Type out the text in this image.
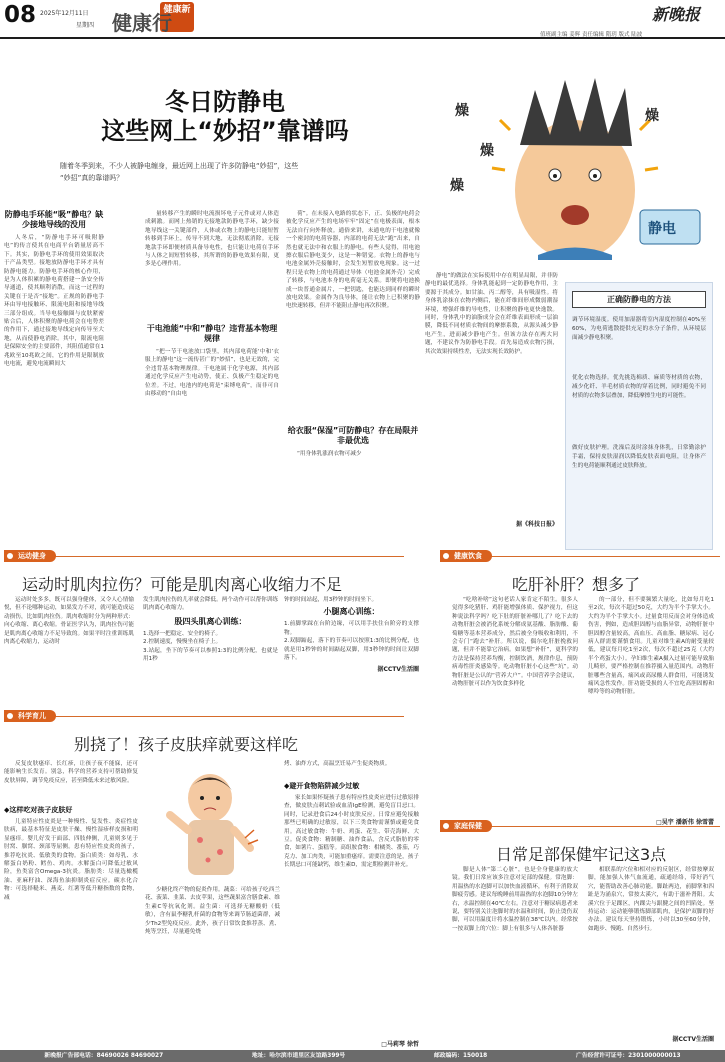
08 2025年12月11日
星期四
健康新
健康行	新晚报
值班副主编 姜辉 责任编辑 隋玥 版式 陆波
冬日防静电
这些网上“妙招”靠谱吗
随着冬季到来，不少人被静电缠身，最近网上出现了许多防静电“妙招”，这些
“妙招”真的靠谱吗？
燥
燥
燥
燥
静电
防静电手环能“吸”静电？缺少接地导线的没用

人冬后，“防静电手环可吸附静电”的传言使其在电商平台销量居高不下。其实，防静电手环的使用效果取决于产品类型。接地放防静电手环才具有防静电能力。防静电手环的核心作用，是为人体积累的静电荷搭建一条安全传导通道，使其顺利消散，而这一过程的关键在于是否“接地”。正规的防静电手环由导电接触环、限流电阻和接地导线三部分组成。当导电接触圈与皮肤紧密贴合后，人体积聚的静电荷会在电势差的作用下，通过接地导线定向传导至大地，从而使静电消除。其中，限流电阻是保障安全的主要部件，其阻值通常在1兆欧至10兆欧之间，它的作用是限制放电电流，避免电流瞬间大

量转移产生的瞬时电流损坏电子元件或对人体造成刺激。而网上热销的无接地款防静电手环，缺少接地导线这一关键部件，人体或衣物上的静电只能短暂转移到手环上，传导不到大地，无法彻底消除。无接地款手环即便材质具备导电性，也只能让电荷在手环与人体之间短暂转移，其所谓的防静电效果有限，更多是心理作用。

干电池能“中和”静电？违背基本物理规律

“把一节干电池放口袋里，其内部电荷能‘中和’衣服上的静电”这一流传甚广的“妙招”，也是无效的，完全违背基本物理规律。干电池属于化学电源，其内部通过化学反应产生电动势，使正、负极产生稳定的电位差。不过，电池内的电荷是“束缚电荷”，而非可自由移动的“自由电

荷”。在未接入电路的状态下，正、负极的电荷会被化学反应产生的电场牢牢“固定”在电极表面，根本无法自行向外释放。通俗来讲，未通电的干电池就像一个密封的电荷容器，内部的电荷无法“跑”出来，自然也就无法中和衣服上的静电。有些人觉得，用电池擦衣服后静电变少，这是一种错觉。衣物上的静电与电池金属外壳接触时，会发生短暂放电现象。这一过程只是衣物上的电荷通过导体（电池金属外壳）完成了转移，与电池本身的电荷毫无关系。即便将电池换成一块普通金属片，一把钥匙，也能达到同样的瞬时放电效果。金属作为良导体，能让衣物上已积聚的静电快速转移，但并不能阻止静电再次积聚。

给衣服“保湿”可防静电？存在局限并非最优选

“用身体乳涨润衣物可减少

静电”的做法在实际使用中存在明显局限，并非防静电的最优选择。身体乳能起到一定防静电作用，主要源于其成分。如甘油、丙二醇等，具有吸湿性。将身体乳涂抹在衣物内侧后，能在纤维间形成微弱潮湿环境，增强纤维的导电性，让积聚的静电更快逸散。同时，身体乳中的油脂成分会在纤维表面形成一层油膜，降低不同材质衣物间的摩擦系数，从源头减少静电产生，进而减少静电产生。但该方法存在两大问题，不建议作为防静电手段。首先易造成衣物污损，其次效果持续性差，无法实现长效防护。

据《科技日报》
正确防静电的方法
调节环境湿度。使用加湿器将室内湿度控制在40%至60%，为电荷逃散提供充足的水分子条件，从环境层面减少静电积聚。
优化衣物选择。优先挑选棉质、麻质等材质的衣物，减少化纤、羊毛材质衣物的穿着比例，同时避免不同材质的衣物多层叠加，降低摩擦生电的可能性。
做好皮肤护理。洗澡后及时涂抹身体乳，日常勤涂护手霜，保持皮肤湿润以降低皮肤表面电阻，让身体产生的电荷能顺利通过皮肤释放。
运动健身
运动时肌肉拉伤？可能是肌肉离心收缩力不足

运动时处多多，既可以强身健体，又令人心情愉悦，但不论哪种运动，如果发力不对，就可能造成运动损伤，比如肌肉拉伤。肌肉收缩时分为两种形式：向心收缩、离心收缩。骨证医学认为，肌肉拉伤可能是肌肉离心收缩力不足导致的。如果平时注重训练肌肉离心收缩力，运动时

发生肌肉拉伤的儿率就会降低。两个动作可以帮你训练肌肉离心收缩力。
股四头肌离心训练：
1.选择一把稳定、安全的椅子。
2.控制速度，慢慢坐在椅子上。
3.站起，坐下的节奏可以参照1:3的比例分配，也就是用1秒
钟的时间站起，用3秒钟的时间坐下。
小腿离心训练：
1.前脚掌踩在台阶边缘，可以用手扶住台阶旁的支撑物。
2.双脚踮起，落下的节奏可以按照1:3的比例分配，也就是用1秒钟的时间踮起双脚，用3秒钟的时间让双脚落下。
据CCTV生活圈
健康饮食
吃肝补肝？想多了

“吃啥补啥”这句老话人家肯定不陌生。很多人觉得多吃猪肝、鸡肝能增强体质、保护视力，但这种说法科学吗？吃下肚的肝脏补哪儿了？吃下去的动物肝脏会被消化系统分解成氨基酸、脂肪酸、葡萄糖等基本营养成分，然后被全身吸收和利用，不会专门“跑去”补肝。所以说，偶尔吃肝脏挽救问题，但并不能靠它治病。如果想“补肝”，更科学的方法是保持营养均衡，控制饮酒，规律作息，预防病毒性肝炎感染等。吃动物肝脏小心这些“坑”。动物肝脏是公认的“营养大户”。中国营养学会建议，动物肝脏可以作为饮食多样化

的一部分，但不要频繁大量吃，比如每月吃1至2次，每次不超过50克，大约为半个手掌大小。大约为半个手掌大小。过量食用反而会对身体造成伤害，例如，造成胆固醇与血脂异常，动物肝脏中胆固醇含量较高，高血压、高血脂、糖尿病、冠心病人群需要谨慎食用。儿童对维生素A的耐受量较低，建议每月吃1至2次，每次不超过25克（大约半个鸡蛋大小）。孕妇维生素A摄入过量可能导致胎儿畸形，要严格控制在推荐摄入量范围内。动物肝脏哪些含量高，痛风或高尿酸人群食用，可能诱发痛风急性发作。肝功能受损的人不宜吃高胆固醇和嘌呤等的动物肝脏。

□吴宇 潘新伟 徐雪蕾
科学育儿
别挠了！孩子皮肤痒就要这样吃

反复皮肤瘙痒、长红疹，让孩子夜不能寐，还可能影响生长发育。别急，科学的营养支持可帮助修复皮肤屏障，调节免疫反应，甚至降低未来过敏风险。

◆这样吃对孩子皮肤好

儿童特应性皮炎是一种慢性、复发性、炎症性皮肤病，最基本特征是皮肤干燥、慢性湿疹样皮损和明显瘙痒。婴儿好发于面部、四肢伸侧，儿童则多见于肘窝、腘窝、颈部等屈侧。患有特应性皮炎的孩子，推荐吃抗炎、低敏类的食物。蛋白质类：如母乳、水解蛋白奶粉、鳕鱼、鸡肉。水解蛋白可降低过敏风险，鱼类富含Omega-3抗炎。脂肪类：尽量选橄榄油、亚麻籽油、深海鱼油抑制炎症反应。碳水化合物：可选择糙米、燕麦、红薯等低升糖指数的食物，减

少糖化终产物的促炎作用。蔬菜：可给孩子吃西兰花、菠菜、韭菜、去皮苹果，这些蔬果富含膳食素、维生素C等抗氧化剂。益生菌：可选择无糖酸奶（低敏），含有鼠李糖乳杆菌的食物等来调节肠道菌群，减少Th2型免疫反应。此外，孩子日常饮食推荐蒸、煮、炖等烹饪，尽量避免烧

烤、油炸方式，高温烹饪易产生促炎物质。
◆避开食物陷阱减少过敏

家长如果怀疑孩子患有特应性皮炎应进行过敏原排查，做皮肤点刺试验或血清IgE检测，避免盲目忌口。同时，记录进食后24小时皮肤反应。日常应避免接触那些已明确的过敏原，以下三类食物需谨慎或避免食用。高过敏食物：牛奶、鸡蛋、花生、带壳海鲜、大豆。促炎食物：精制糖、油炸食品，含反式脂肪的零食，如薯片、蛋糕等。高组胺食物：柑橘类、番茄，巧克力、加工肉类，可能加重瘙痒。需要注意的是，孩子长期忌口可能缺钙，维生素D，需定期检测并补充。

□马莉琴 徐哲
家庭保健
日常足部保健牢记这3点

脚是人体“第二心脏”，也是全身健康的放大镜。我们日常应该多注意对足部的保健。常泡脚：用温热的水泡脚可以加快血液循环，有利于消除双脚疲劳感。建议每晚睡前用温热的水泡脚10分钟左右，水温控制在40℃左右。注意对于糖尿病患者来说，要特别关注泡脚时的水温和时间，防止烫伤双脚，可以用温度计将水温控制在38℃以内。经常按一按双脚上的穴位：脚上有很多与人体各脏器

相联系的穴位和相对应的反射区，经常按摩双脚，能加强人体气血流通，疏通经络，带好消气穴，能帮助改善心肺功能。脚趾两边，前脚掌和四趾是为涌泉穴，常按太溪穴，有助于滋补肾阳。太溪穴位于足踝区，内踝尖与跟腱之间的凹陷处。坚持运动：运动能够锻炼脚部肌肉，是保护双脚的好办法。建议每天坚持锻炼，小时以30至60分钟，如跑步、慢跑、自然步行。

据CCTV生活圈
新晚报广告部电话：84690026 84690027	地址：哈尔滨市道里区友谊路399号	邮政编码：150018	广告经营许可证号：2301000000013
